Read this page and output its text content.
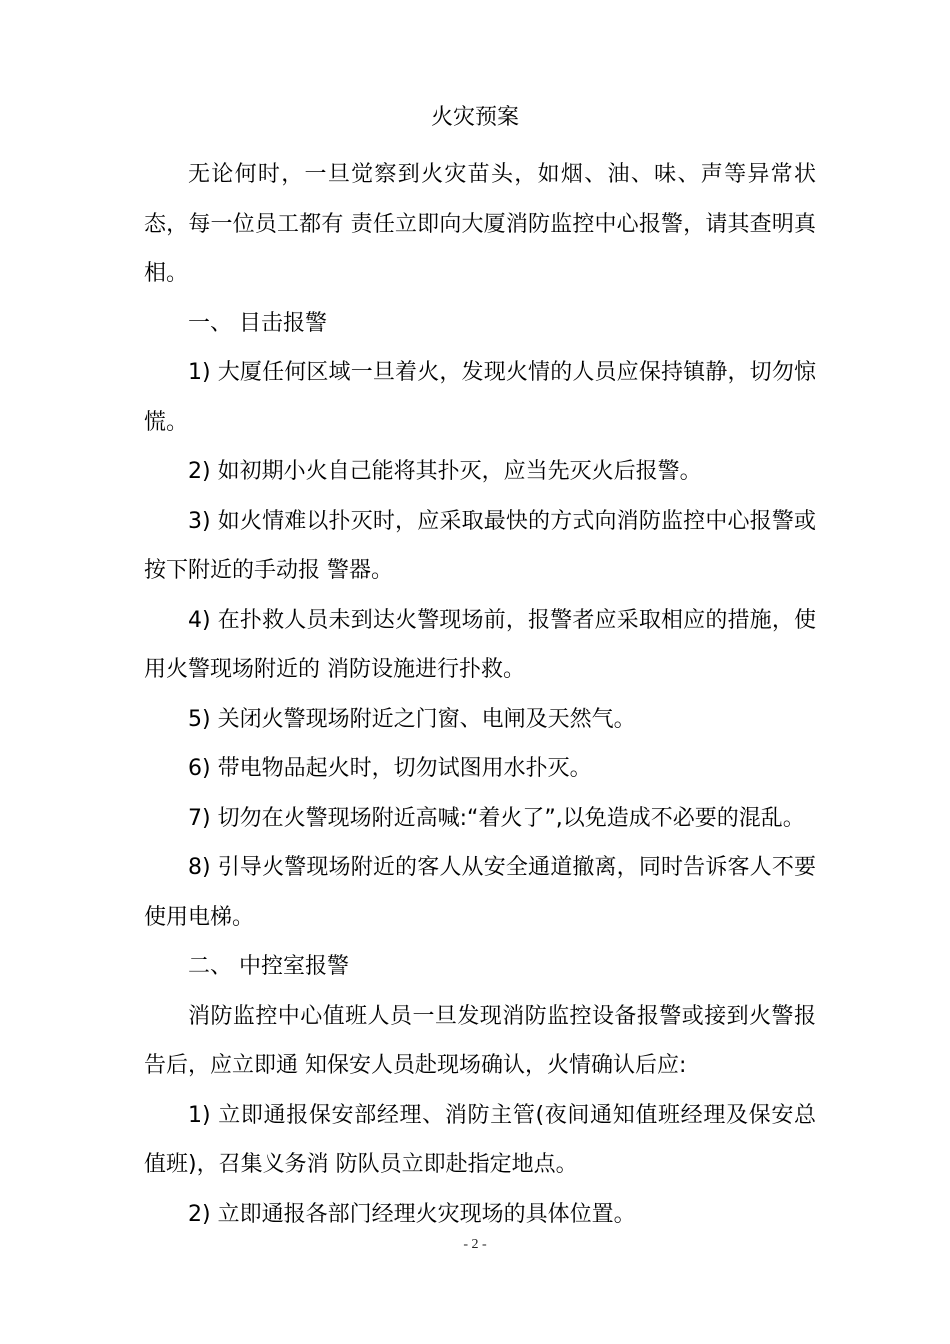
火灾预案

无论何时，一旦觉察到火灾苗头，如烟、油、味、声等异常状态，每一位员工都有 责任立即向大厦消防监控中心报警，请其查明真相。

一、 目击报警

1) 大厦任何区域一旦着火，发现火情的人员应保持镇静，切勿惊慌。

2) 如初期小火自己能将其扑灭，应当先灭火后报警。

3) 如火情难以扑灭时，应采取最快的方式向消防监控中心报警或按下附近的手动报 警器。

4) 在扑救人员未到达火警现场前，报警者应采取相应的措施，使用火警现场附近的 消防设施进行扑救。

5) 关闭火警现场附近之门窗、电闸及天然气。

6) 带电物品起火时，切勿试图用水扑灭。

7) 切勿在火警现场附近高喊:“着火了”,以免造成不必要的混乱。

8) 引导火警现场附近的客人从安全通道撤离，同时告诉客人不要使用电梯。

二、 中控室报警

消防监控中心值班人员一旦发现消防监控设备报警或接到火警报告后，应立即通 知保安人员赴现场确认，火情确认后应:

1) 立即通报保安部经理、消防主管(夜间通知值班经理及保安总值班)，召集义务消 防队员立即赴指定地点。

2) 立即通报各部门经理火灾现场的具体位置。

- 2 -
